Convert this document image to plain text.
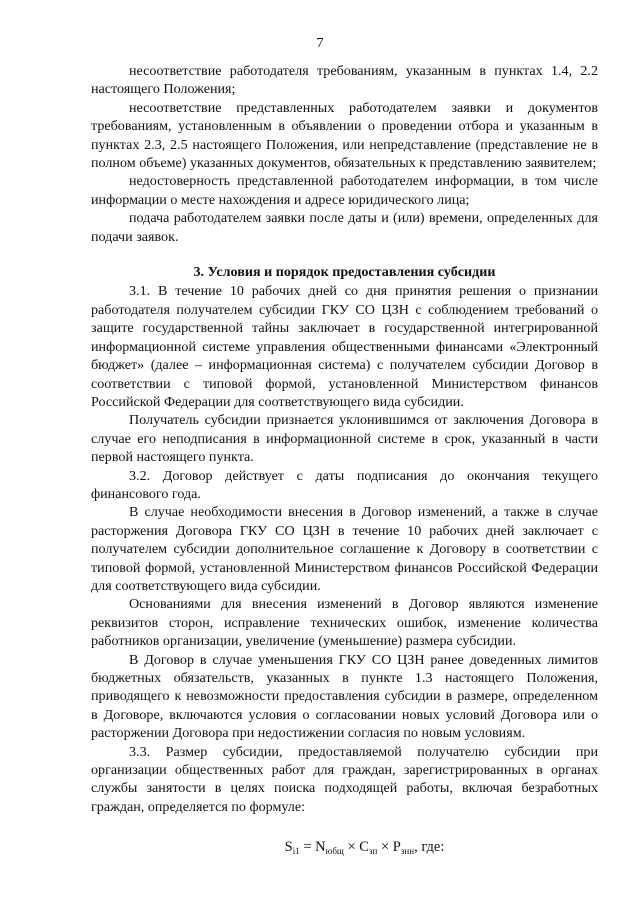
7

несоответствие работодателя требованиям, указанным в пунктах 1.4, 2.2 настоящего Положения;

несоответствие представленных работодателем заявки и документов требованиям, установленным в объявлении о проведении отбора и указанным в пунктах 2.3, 2.5 настоящего Положения, или непредставление (представление не в полном объеме) указанных документов, обязательных к представлению заявителем;

недостоверность представленной работодателем информации, в том числе информации о месте нахождения и адресе юридического лица;

подача работодателем заявки после даты и (или) времени, определенных для подачи заявок.

3. Условия и порядок предоставления субсидии

3.1. В течение 10 рабочих дней со дня принятия решения о признании работодателя получателем субсидии ГКУ СО ЦЗН с соблюдением требований о защите государственной тайны заключает в государственной интегрированной информационной системе управления общественными финансами «Электронный бюджет» (далее – информационная система) с получателем субсидии Договор в соответствии с типовой формой, установленной Министерством финансов Российской Федерации для соответствующего вида субсидии.

Получатель субсидии признается уклонившимся от заключения Договора в случае его неподписания в информационной системе в срок, указанный в части первой настоящего пункта.

3.2. Договор действует с даты подписания до окончания текущего финансового года.

В случае необходимости внесения в Договор изменений, а также в случае расторжения Договора ГКУ СО ЦЗН в течение 10 рабочих дней заключает с получателем субсидии дополнительное соглашение к Договору в соответствии с типовой формой, установленной Министерством финансов Российской Федерации для соответствующего вида субсидии.

Основаниями для внесения изменений в Договор являются изменение реквизитов сторон, исправление технических ошибок, изменение количества работников организации, увеличение (уменьшение) размера субсидии.

В Договор в случае уменьшения ГКУ СО ЦЗН ранее доведенных лимитов бюджетных обязательств, указанных в пункте 1.3 настоящего Положения, приводящего к невозможности предоставления субсидии в размере, определенном в Договоре, включаются условия о согласовании новых условий Договора или о расторжении Договора при недостижении согласия по новым условиям.

3.3. Размер субсидии, предоставляемой получателю субсидии при организации общественных работ для граждан, зарегистрированных в органах службы занятости в целях поиска подходящей работы, включая безработных граждан, определяется по формуле:

$S_{i1} = N_{юбщ} \times C_{зп} \times P_{знн}$, где:
